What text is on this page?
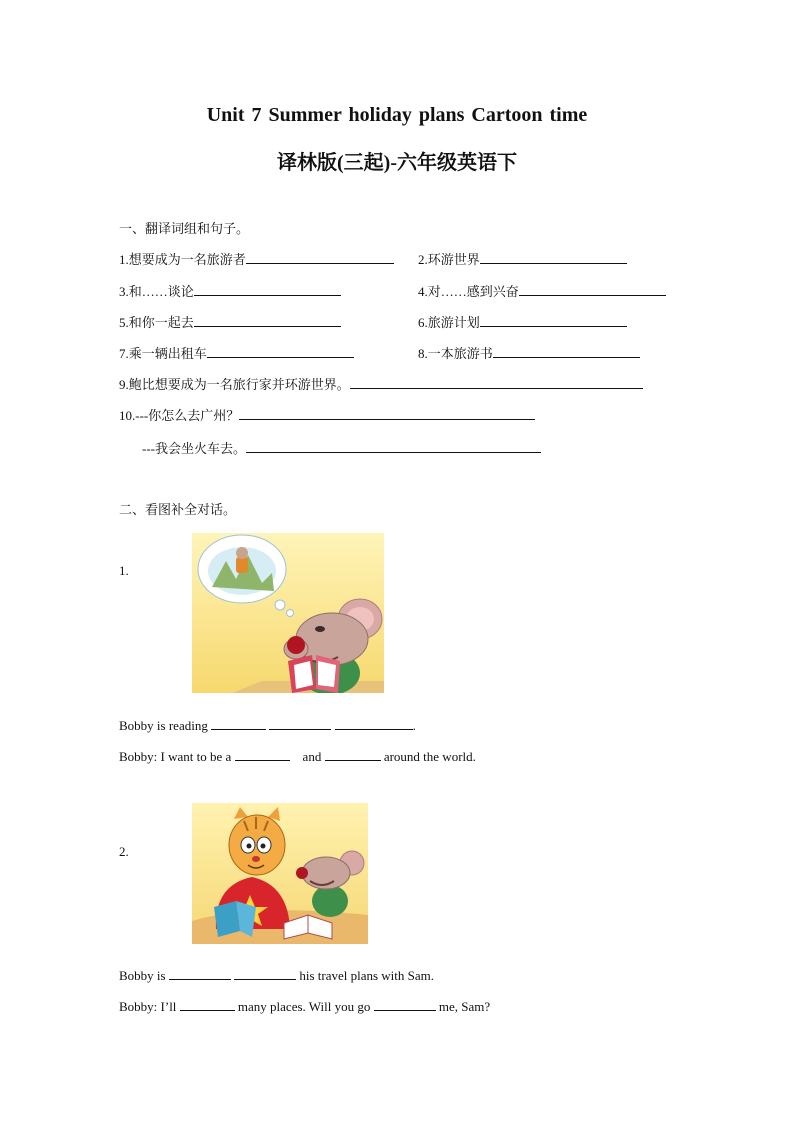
Unit 7 Summer holiday plans Cartoon time
译林版(三起)-六年级英语下
一、翻译词组和句子。
1.想要成为一名旅游者	2.环游世界
3.和……谈论	4.对……感到兴奋
5.和你一起去	6.旅游计划
7.乘一辆出租车	8.一本旅游书
9.鲍比想要成为一名旅行家并环游世界。
10.---你怎么去广州？
---我会坐火车去。
二、看图补全对话。
1.
Bobby is reading	.
Bobby: I want to be a	and	around the world.
2.
Bobby is	his travel plans with Sam.
Bobby: I’ll	many places. Will you go	me, Sam?
